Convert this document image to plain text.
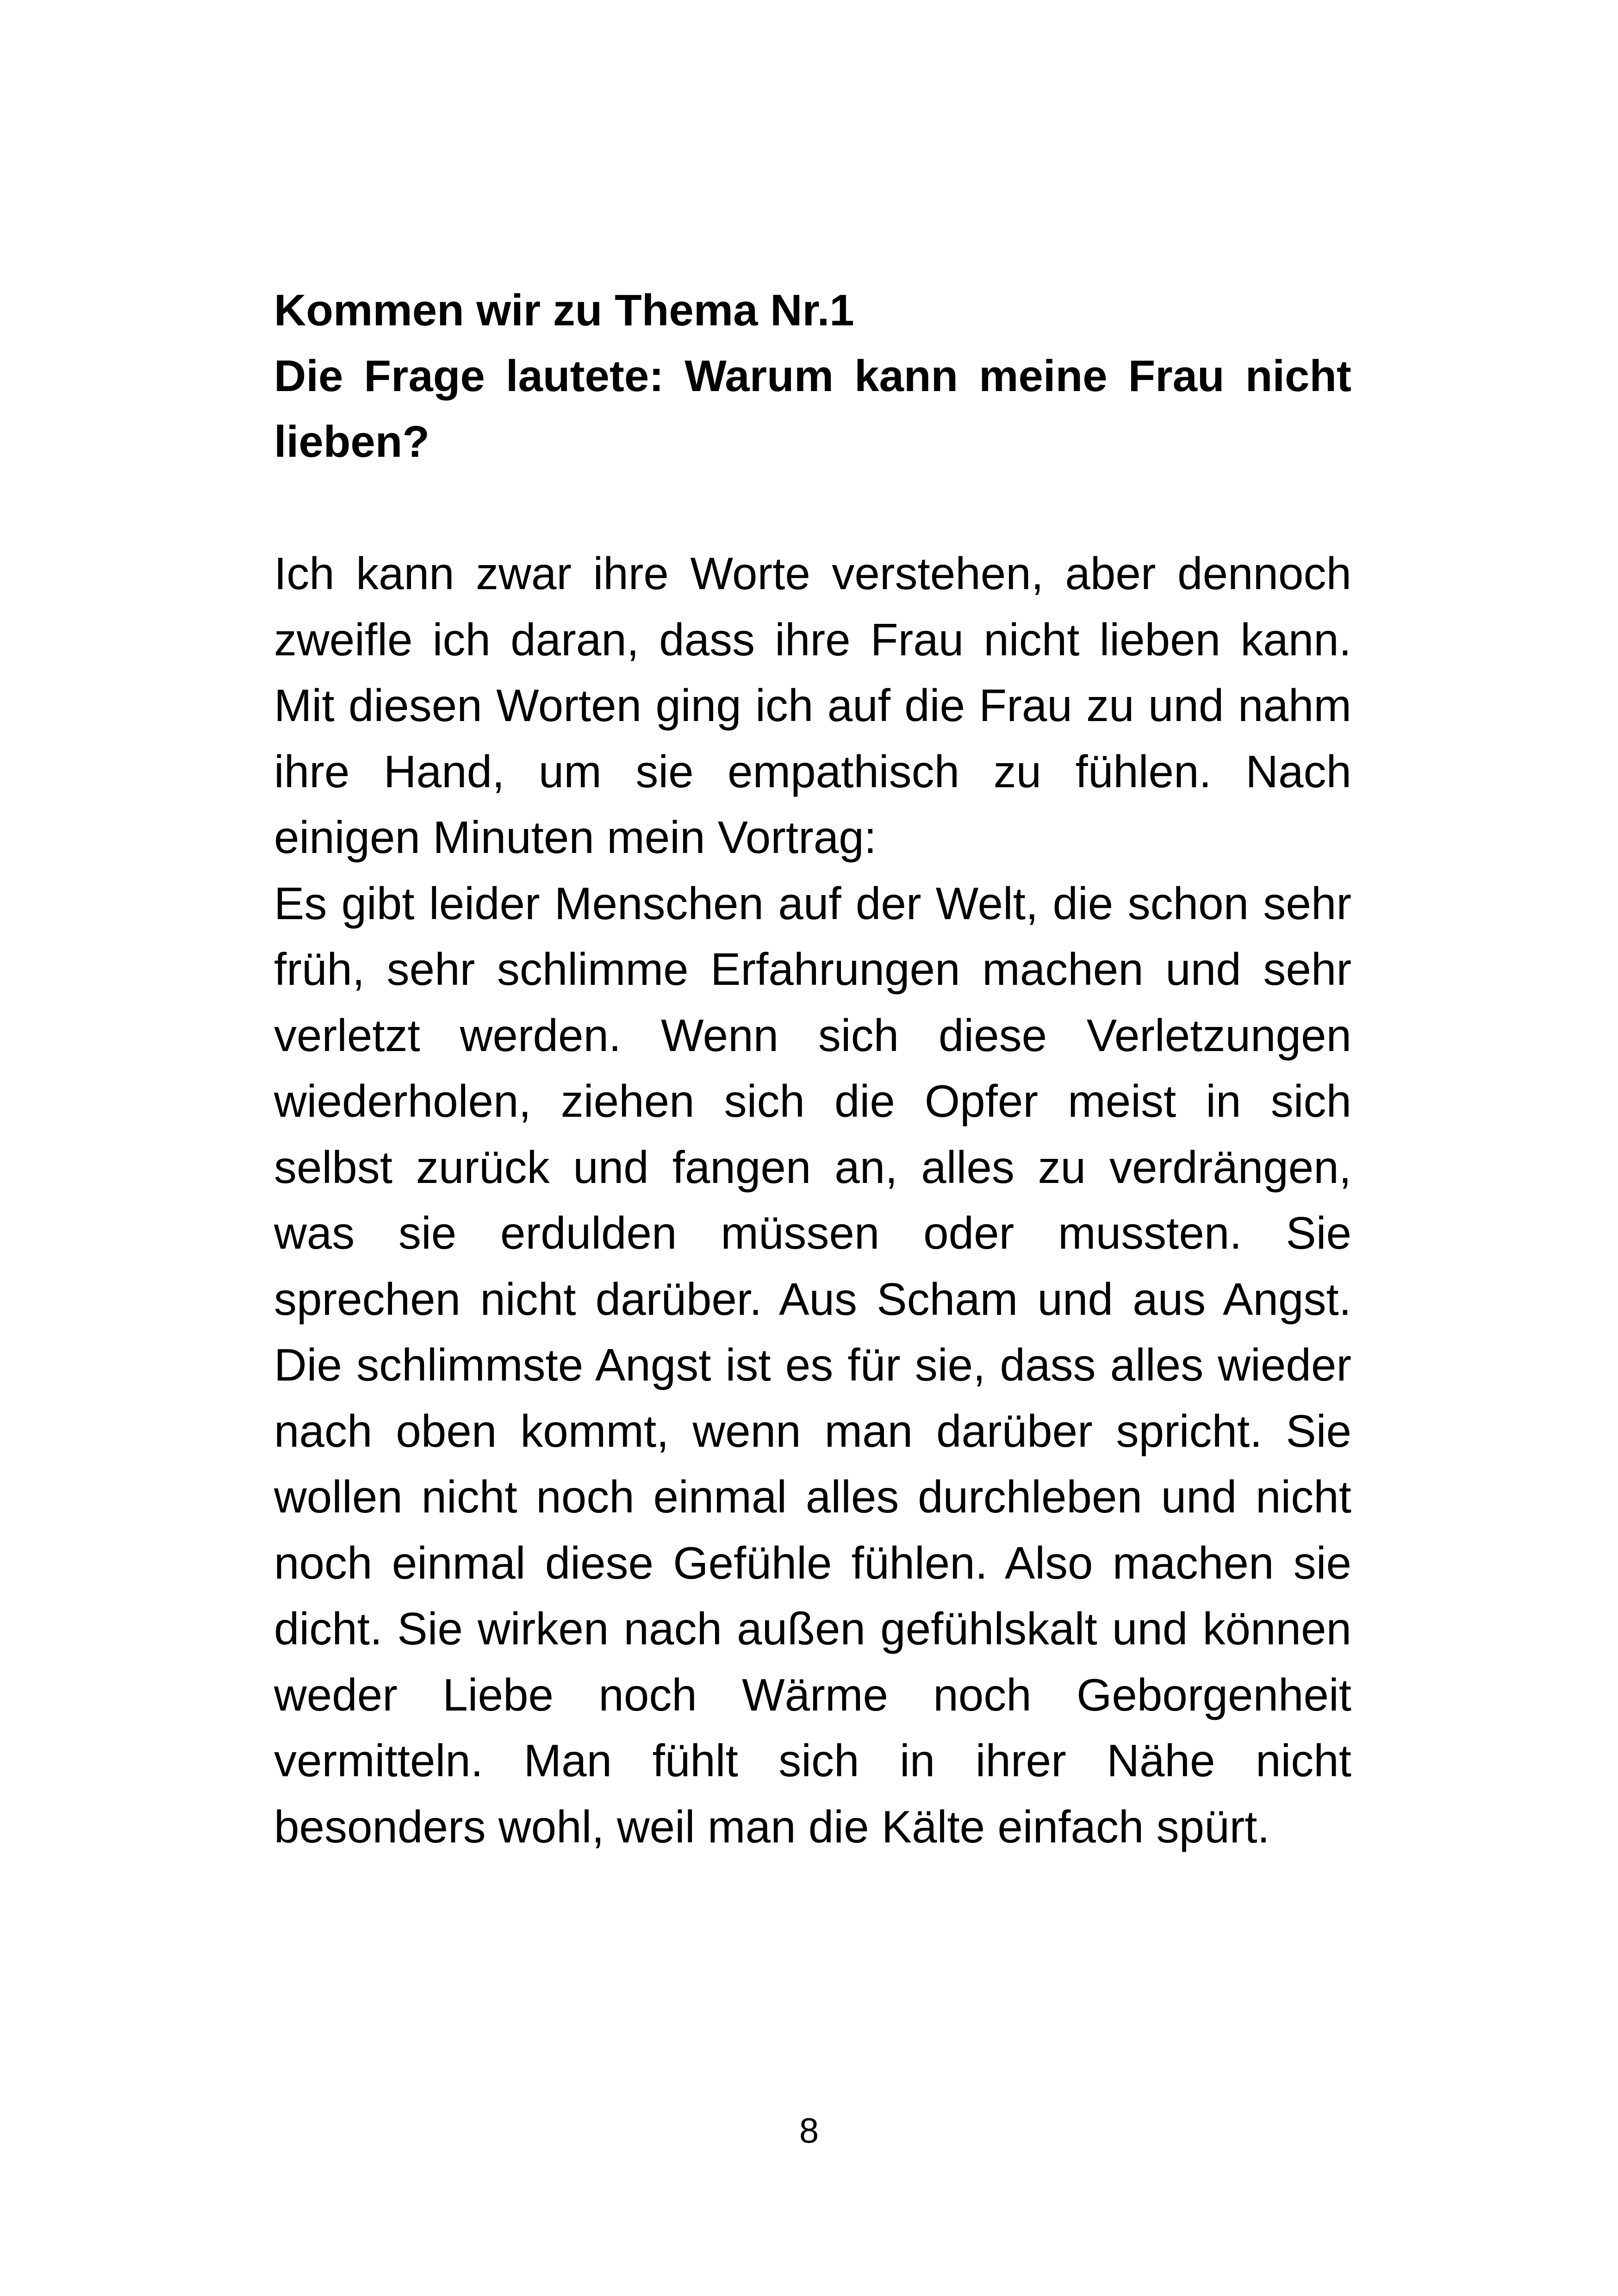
Kommen wir zu Thema Nr.1

Die Frage lautete: Warum kann meine Frau nicht lieben?

Ich kann zwar ihre Worte verstehen, aber dennoch zweifle ich daran, dass ihre Frau nicht lieben kann. Mit diesen Worten ging ich auf die Frau zu und nahm ihre Hand, um sie empathisch zu fühlen. Nach einigen Minuten mein Vortrag:

Es gibt leider Menschen auf der Welt, die schon sehr früh, sehr schlimme Erfahrungen machen und sehr verletzt werden. Wenn sich diese Verletzungen wiederholen, ziehen sich die Opfer meist in sich selbst zurück und fangen an, alles zu verdrängen, was sie erdulden müssen oder mussten. Sie sprechen nicht darüber. Aus Scham und aus Angst. Die schlimmste Angst ist es für sie, dass alles wieder nach oben kommt, wenn man darüber spricht. Sie wollen nicht noch einmal alles durchleben und nicht noch einmal diese Gefühle fühlen. Also machen sie dicht. Sie wirken nach außen gefühlskalt und können weder Liebe noch Wärme noch Geborgenheit vermitteln. Man fühlt sich in ihrer Nähe nicht besonders wohl, weil man die Kälte einfach spürt.

8
